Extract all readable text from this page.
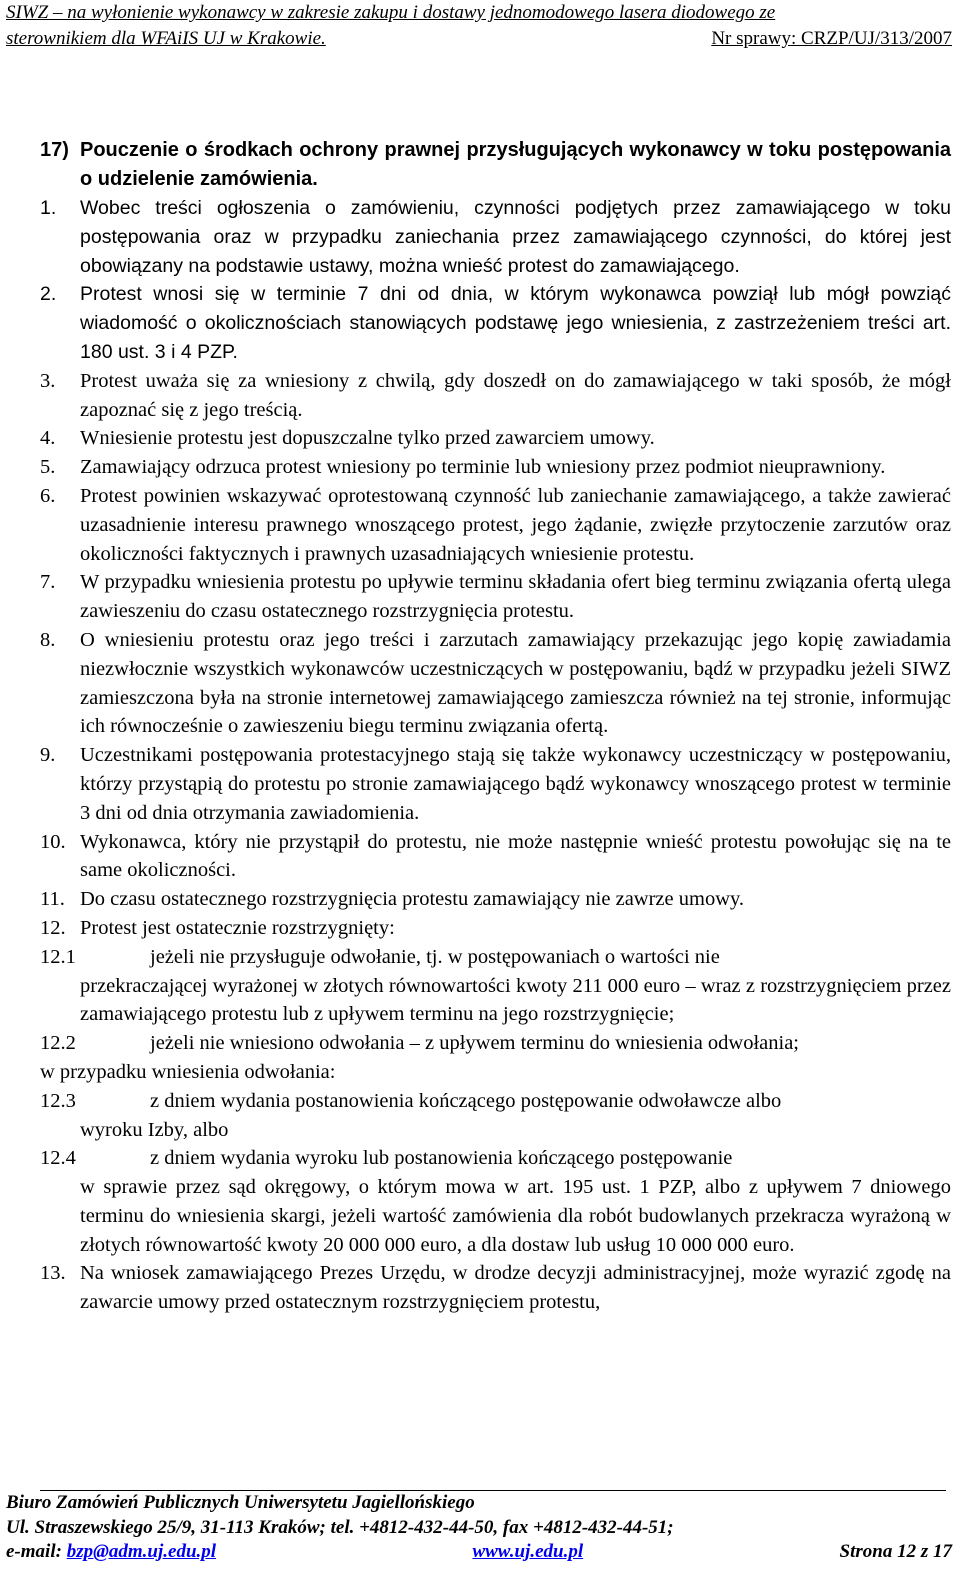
SIWZ – na wyłonienie wykonawcy w zakresie zakupu i dostawy jednomodowego lasera diodowego ze
sterownikiem dla WFAiIS UJ w Krakowie.	Nr sprawy: CRZP/UJ/313/2007
17) Pouczenie o środkach ochrony prawnej przysługujących wykonawcy w toku postępowania o udzielenie zamówienia.
1.	Wobec treści ogłoszenia o zamówieniu, czynności podjętych przez zamawiającego w toku postępowania oraz w przypadku zaniechania przez zamawiającego czynności, do której jest obowiązany na podstawie ustawy, można wnieść protest do zamawiającego.
2.	Protest wnosi się w terminie 7 dni od dnia, w którym wykonawca powziął lub mógł powziąć wiadomość o okolicznościach stanowiących podstawę jego wniesienia, z zastrzeżeniem treści art. 180 ust. 3 i 4 PZP.
3.	Protest uważa się za wniesiony z chwilą, gdy doszedł on do zamawiającego w taki sposób, że mógł zapoznać się z jego treścią.
4.	Wniesienie protestu jest dopuszczalne tylko przed zawarciem umowy.
5.	Zamawiający odrzuca protest wniesiony po terminie lub wniesiony przez podmiot nieuprawniony.
6.	Protest powinien wskazywać oprotestowaną czynność lub zaniechanie zamawiającego, a także zawierać uzasadnienie interesu prawnego wnoszącego protest, jego żądanie, zwięzłe przytoczenie zarzutów oraz okoliczności faktycznych i prawnych uzasadniających wniesienie protestu.
7.	W przypadku wniesienia protestu po upływie terminu składania ofert bieg terminu związania ofertą ulega zawieszeniu do czasu ostatecznego rozstrzygnięcia protestu.
8.	O wniesieniu protestu oraz jego treści i zarzutach zamawiający przekazując jego kopię zawiadamia niezwłocznie wszystkich wykonawców uczestniczących w postępowaniu, bądź w przypadku jeżeli SIWZ zamieszczona była na stronie internetowej zamawiającego zamieszcza również na tej stronie, informując ich równocześnie o zawieszeniu biegu terminu związania ofertą.
9.	Uczestnikami postępowania protestacyjnego stają się także wykonawcy uczestniczący w postępowaniu, którzy przystąpią do protestu po stronie zamawiającego bądź wykonawcy wnoszącego protest w terminie 3 dni od dnia otrzymania zawiadomienia.
10. Wykonawca, który nie przystąpił do protestu, nie może następnie wnieść protestu powołując się na te same okoliczności.
11. Do czasu ostatecznego rozstrzygnięcia protestu zamawiający nie zawrze umowy.
12. Protest jest ostatecznie rozstrzygnięty:
12.1	jeżeli nie przysługuje odwołanie, tj. w postępowaniach o wartości nie
przekraczającej wyrażonej w złotych równowartości kwoty 211 000 euro – wraz z rozstrzygnięciem przez zamawiającego protestu lub z upływem terminu na jego rozstrzygnięcie;
12.2	jeżeli nie wniesiono odwołania – z upływem terminu do wniesienia odwołania;
w przypadku wniesienia odwołania:
12.3	z dniem wydania postanowienia kończącego postępowanie odwoławcze albo
wyroku Izby, albo
12.4	z dniem wydania wyroku lub postanowienia kończącego postępowanie
w sprawie przez sąd okręgowy, o którym mowa w art. 195 ust. 1 PZP, albo z upływem 7 dniowego terminu do wniesienia skargi, jeżeli wartość zamówienia dla robót budowlanych przekracza wyrażoną w złotych równowartość kwoty 20 000 000 euro, a dla dostaw lub usług 10 000 000 euro.
13. Na wniosek zamawiającego Prezes Urzędu, w drodze decyzji administracyjnej, może wyrazić zgodę na zawarcie umowy przed ostatecznym rozstrzygnięciem protestu,
Biuro Zamówień Publicznych Uniwersytetu Jagiellońskiego
Ul. Straszewskiego 25/9, 31-113 Kraków; tel. +4812-432-44-50, fax +4812-432-44-51;
e-mail: bzp@adm.uj.edu.pl	www.uj.edu.pl	Strona 12 z 17
